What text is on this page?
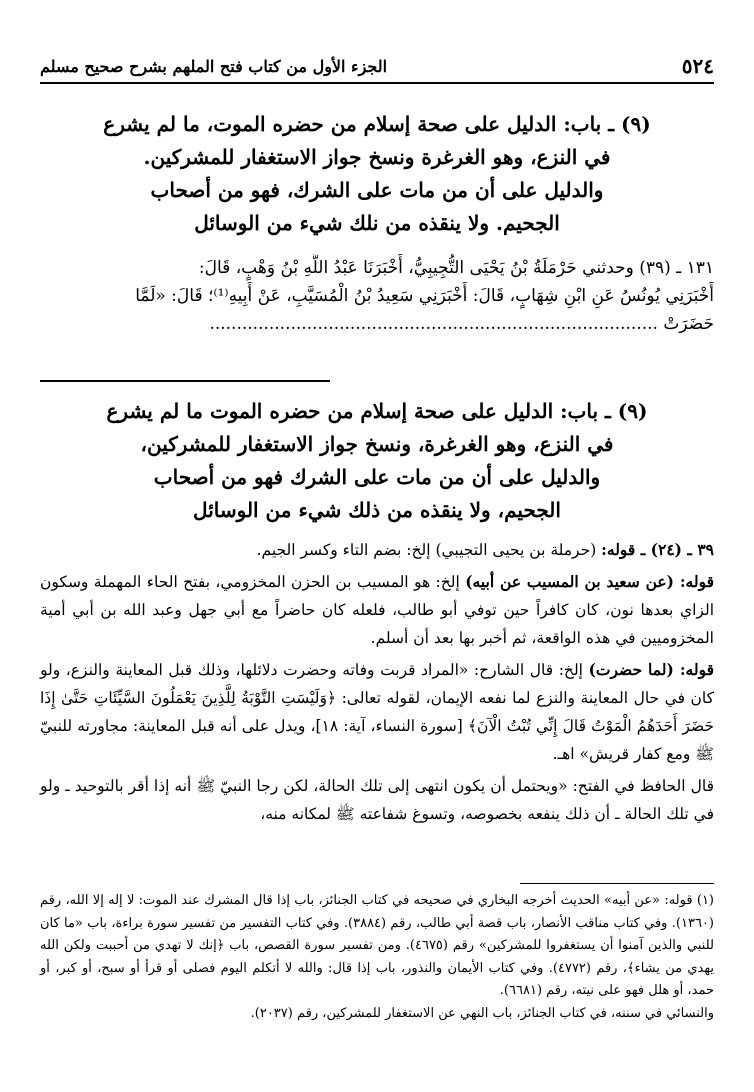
٥٢٤
الجزء الأول من كتاب فتح الملهم بشرح صحيح مسلم
(٩) ـ باب: الدليل على صحة إسلام من حضره الموت، ما لم يشرع
في النزع، وهو الغرغرة ونسخ جواز الاستغفار للمشركين.
والدليل على أن من مات على الشرك، فهو من أصحاب
الجحيم. ولا ينقذه من نلك شيء من الوسائل
١٣١ ـ (٣٩) وحدثني حَرْمَلَةُ بْنُ يَحْيَى التُّجِيبِيُّ، أَخْبَرَنَا عَبْدُ اللَّهِ بْنُ وَهْبٍ، قَالَ:
أَخْبَرَنِي يُونُسُ عَنِ ابْنِ شِهَابٍ، قَالَ: أَخْبَرَنِي سَعِيدُ بْنُ الْمُسَيَّبِ، عَنْ أَبِيهِ⁽¹⁾؛ قَالَ: «لَمَّا
حَضَرَتْ ...................................................................................
(٩) ـ باب: الدليل على صحة إسلام من حضره الموت ما لم يشرع
في النزع، وهو الغرغرة، ونسخ جواز الاستغفار للمشركين،
والدليل على أن من مات على الشرك فهو من أصحاب
الجحيم، ولا ينقذه من ذلك شيء من الوسائل

٣٩ ـ (٢٤) ـ قوله: (حرملة بن يحيى التجيبي) إلخ: بضم التاء وكسر الجيم.

قوله: (عن سعيد بن المسيب عن أبيه) إلخ: هو المسيب بن الحزن المخزومي، بفتح الحاء المهملة وسكون الزاي بعدها نون، كان كافراً حين توفي أبو طالب، فلعله كان حاضراً مع أبي جهل وعبد الله بن أبي أمية المخزوميين في هذه الواقعة، ثم أخبر بها بعد أن أسلم.

قوله: (لما حضرت) إلخ: قال الشارح: «المراد قربت وفاته وحضرت دلائلها، وذلك قبل المعاينة والنزع، ولو كان في حال المعاينة والنزع لما نفعه الإيمان، لقوله تعالى: ﴿وَلَيْسَتِ التَّوْبَةُ لِلَّذِينَ يَعْمَلُونَ السَّيِّئَاتِ حَتَّىٰ إِذَا حَضَرَ أَحَدَهُمُ الْمَوْتُ قَالَ إِنِّي تُبْتُ الْآنَ﴾ [سورة النساء، آية: ١٨]، ويدل على أنه قبل المعاينة: مجاورته للنبيّ ﷺ ومع كفار قريش» اهـ.

قال الحافظ في الفتح: «ويحتمل أن يكون انتهى إلى تلك الحالة، لكن رجا النبيّ ﷺ أنه إذا أقر بالتوحيد ـ ولو في تلك الحالة ـ أن ذلك ينفعه بخصوصه، وتسوغ شفاعته ﷺ لمكانه منه،

(١) قوله: «عن أبيه» الحديث أخرجه البخاري في صحيحه في كتاب الجنائز، باب إذا قال المشرك عند الموت: لا إله إلا الله، رقم (١٣٦٠). وفي كتاب مناقب الأنصار، باب قصة أبي طالب، رقم (٣٨٨٤). وفي كتاب التفسير من تفسير سورة براءة، باب «ما كان للنبي والذين آمنوا أن يستغفروا للمشركين» رقم (٤٦٧٥). ومن تفسير سورة القصص، باب ﴿إنك لا تهدي من أحببت ولكن الله يهدي من يشاء﴾، رقم (٤٧٧٢). وفي كتاب الأيمان والنذور، باب إذا قال: والله لا أتكلم اليوم فصلى أو قرأ أو سبح، أو كبر، أو حمد، أو هلل فهو على نيته، رقم (٦٦٨١).

والنسائي في سننه، في كتاب الجنائز، باب النهي عن الاستغفار للمشركين، رقم (٢٠٣٧).
